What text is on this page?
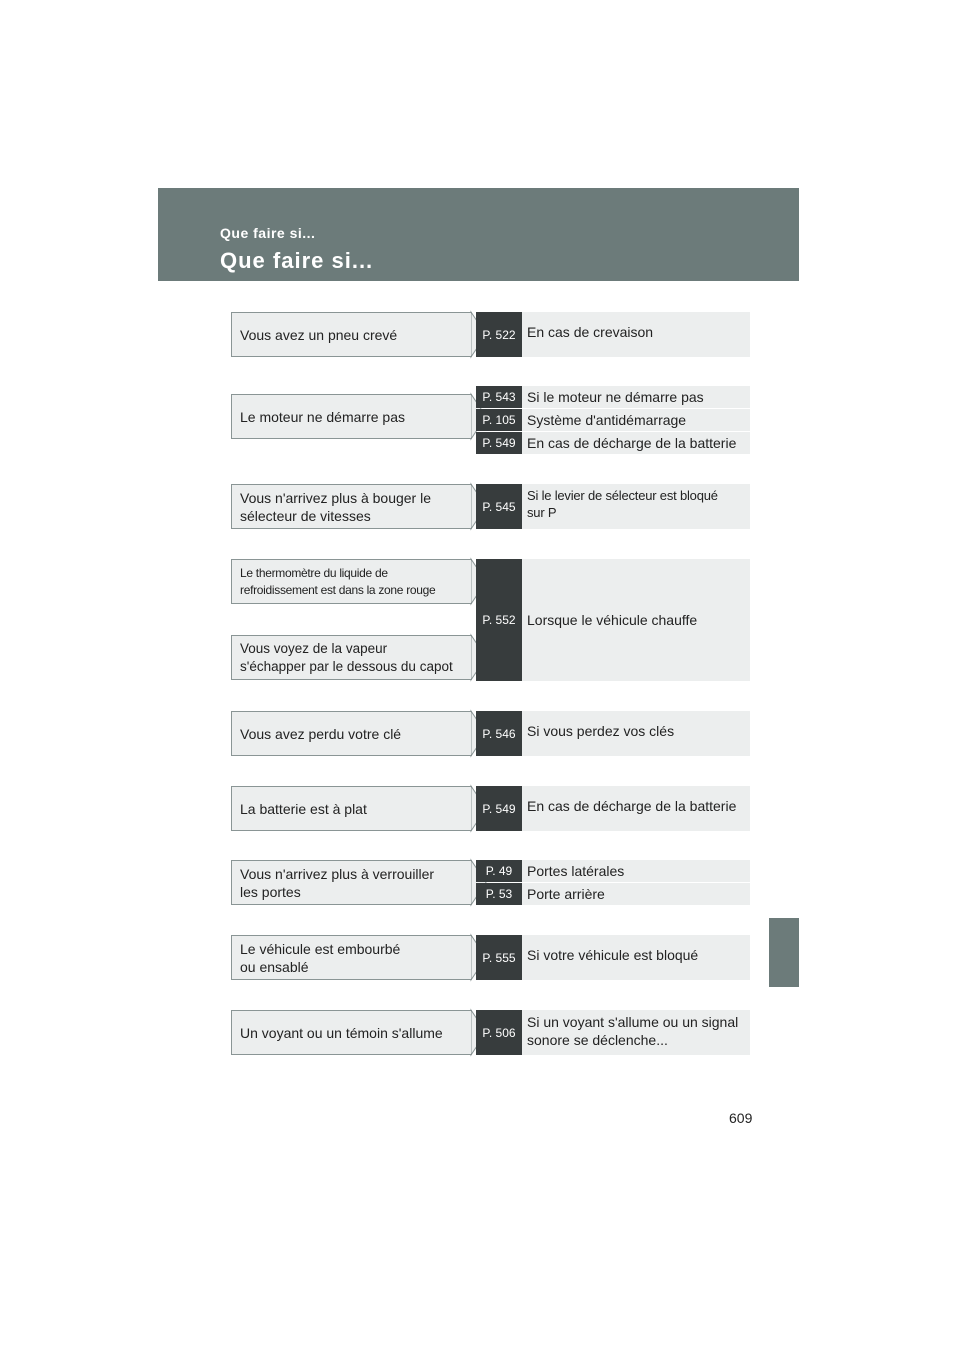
Que faire si...
Que faire si...
Vous avez un pneu crevé
Le moteur ne démarre pas
Vous n'arrivez plus à bouger le
sélecteur de vitesses
Le thermomètre du liquide de
refroidissement est dans la zone rouge
Vous voyez de la vapeur
s'échapper par le dessous du capot
Vous avez perdu votre clé
La batterie est à plat
Vous n'arrivez plus à verrouiller
les portes
Le véhicule est embourbé
ou ensablé
Un voyant ou un témoin s'allume
P. 522 En cas de crevaison
P. 543 Si le moteur ne démarre pas
P. 105 Système d'antidémarrage
P. 549 En cas de décharge de la batterie
P. 545
Si le levier de sélecteur est bloqué
sur P
P. 552 Lorsque le véhicule chauffe
P. 546 Si vous perdez vos clés
P. 549 En cas de décharge de la batterie
P. 49	Portes latérales
P. 53	Porte arrière
P. 555 Si votre véhicule est bloqué
P. 506
Si un voyant s'allume ou un signal
sonore se déclenche...
609
